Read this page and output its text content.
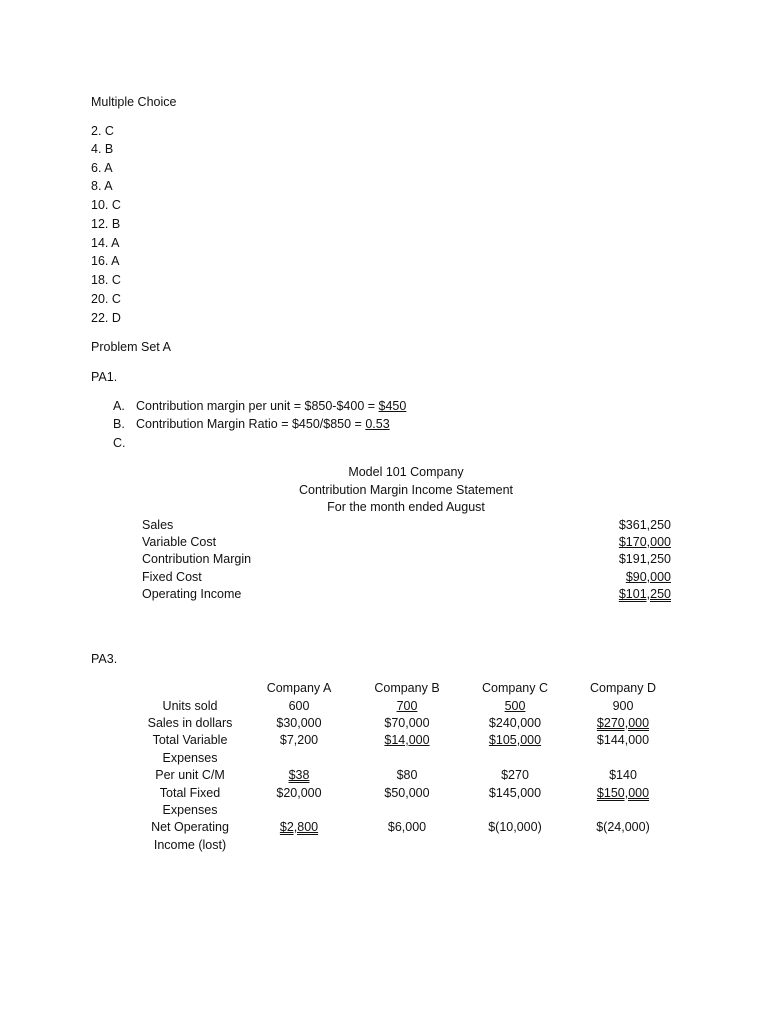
Multiple Choice
2. C
4. B
6. A
8. A
10. C
12. B
14. A
16. A
18. C
20. C
22. D
Problem Set A
PA1.
A. Contribution margin per unit = $850-$400 = $450
B. Contribution Margin Ratio = $450/$850 = 0.53
C.
Model 101 Company
Contribution Margin Income Statement
For the month ended August
Sales	$361,250
Variable Cost	$170,000
Contribution Margin	$191,250
Fixed Cost	$90,000
Operating Income	$101,250
PA3.
Company A	Company B	Company C	Company D
Units sold	600	700	500	900
Sales in dollars	$30,000	$70,000	$240,000	$270,000
Total Variable
Expenses
$7,200	$14,000	$105,000	$144,000
Per unit C/M	$38	$80	$270	$140
Total Fixed
Expenses
$20,000	$50,000	$145,000	$150,000
Net Operating
Income (lost)
$2,800	$6,000	$(10,000)	$(24,000)
